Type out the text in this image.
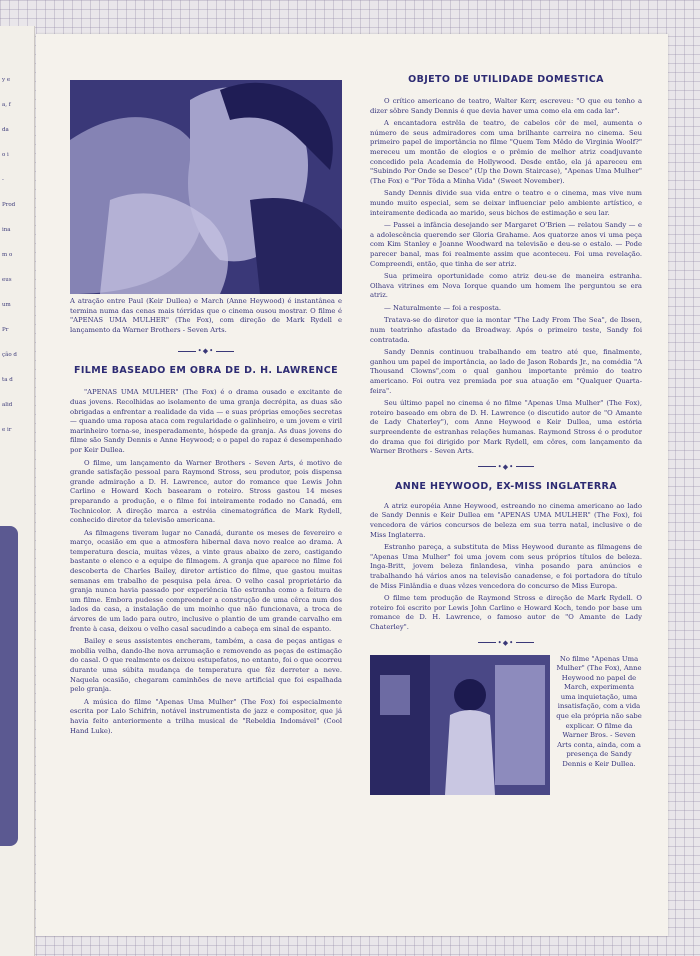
y e
a, f
da
o i
-
Prod
ina
m o
eus
um
Pr
ção d
ta d
alid
e ir

A atração entre Paul (Keir Dullea) e March (Anne Heywood) é instantânea e termina numa das cenas mais tórridas que o cinema ousou mostrar. O filme é "APENAS UMA MULHER" (The Fox), com direção de Mark Rydell e lançamento da Warner Brothers - Seven Arts.

•◆•
FILME BASEADO EM OBRA DE D. H. LAWRENCE

"APENAS UMA MULHER" (The Fox) é o drama ousado e excitante de duas jovens. Recolhidas ao isolamento de uma granja decrépita, as duas são obrigadas a enfrentar a realidade da vida — e suas próprias emoções secretas — quando uma raposa ataca com regularidade o galinheiro, e um jovem e viril marinheiro torna-se, inesperadamente, hóspede da granja. As duas jovens do filme são Sandy Dennis e Anne Heywood; e o papel do rapaz é desempenhado por Keir Dullea.

O filme, um lançamento da Warner Brothers - Seven Arts, é motivo de grande satisfação pessoal para Raymond Stross, seu produtor, pois dispensa grande admiração a D. H. Lawrence, autor do romance que Lewis John Carlino e Howard Koch basearam o roteiro. Stross gastou 14 meses preparando a produção, e o filme foi inteiramente rodado no Canadá, em Technicolor. A direção marca a estréia cinematográfica de Mark Rydell, conhecido diretor da televisão americana.

As filmagens tiveram lugar no Canadá, durante os meses de fevereiro e março, ocasião em que a atmosfera hibernal dava novo realce ao drama. A temperatura descia, muitas vêzes, a vinte graus abaixo de zero, castigando bastante o elenco e a equipe de filmagem. A granja que aparece no filme foi descoberta de Charles Bailey, diretor artístico do filme, que gastou muitas semanas em trabalho de pesquisa pela área. O velho casal proprietário da granja nunca havia passado por experiência tão estranha como a feitura de um filme. Embora pudesse compreender a construção de uma cêrca num dos lados da casa, a instalação de um moinho que não funcionava, a troca de árvores de um lado para outro, inclusive o plantio de um grande carvalho em frente à casa, deixou o velho casal sacudindo a cabeça em sinal de espanto.

Bailey e seus assistentes encheram, também, a casa de peças antigas e mobília velha, dando-lhe nova arrumação e removendo as peças de estimação do casal. O que realmente os deixou estupefatos, no entanto, foi o que ocorreu durante uma súbita mudança de temperatura que fêz derreter a neve. Naquela ocasião, chegaram caminhões de neve artificial que foi espalhada pelo granja.

A música do filme "Apenas Uma Mulher" (The Fox) foi especialmente escrita por Lalo Schifrin, notável instrumentista de jazz e compositor, que já havia feito anteriormente a trilha musical de "Rebeldia Indomável" (Cool Hand Luke).

OBJETO DE UTILIDADE DOMESTICA

O crítico americano de teatro, Walter Kerr, escreveu: "O que eu tenho a dizer sôbre Sandy Dennis é que devia haver uma como ela em cada lar".

A encantadora estrêla de teatro, de cabelos côr de mel, aumenta o número de seus admiradores com uma brilhante carreira no cinema. Seu primeiro papel de importância no filme "Quem Tem Mêdo de Virginia Woolf?" mereceu um montão de elogios e o prêmio de melhor atriz coadjuvante concedido pela Academia de Hollywood. Desde então, ela já apareceu em "Subindo Por Onde se Desce" (Up the Down Staircase), "Apenas Uma Mulher" (The Fox) e "Por Tôda a Minha Vida" (Sweet November).

Sandy Dennis divide sua vida entre o teatro e o cinema, mas vive num mundo muito especial, sem se deixar influenciar pelo ambiente artístico, e inteiramente dedicada ao marido, seus bichos de estimação e seu lar.

— Passei a infância desejando ser Margaret O'Brien — relatou Sandy — e a adolescência querendo ser Gloria Grahame. Aos quatorze anos vi uma peça com Kim Stanley e Joanne Woodward na televisão e deu-se o estalo. — Pode parecer banal, mas foi realmente assim que aconteceu. Foi uma revelação. Compreendi, então, que tinha de ser atriz.

Sua primeira oportunidade como atriz deu-se de maneira estranha. Olhava vitrines em Nova Iorque quando um homem lhe perguntou se era atriz.

— Naturalmente — foi a resposta.

Tratava-se do diretor que ia montar "The Lady From The Sea", de Ibsen, num teatrinho afastado da Broadway. Após o primeiro teste, Sandy foi contratada.

Sandy Dennis continuou trabalhando em teatro até que, finalmente, ganhou um papel de importância, ao lado de Jason Robards Jr., na comédia "A Thousand Clowns",com o qual ganhou importante prêmio do teatro americano. Foi outra vez premiada por sua atuação em "Qualquer Quarta-feira".

Seu último papel no cinema é no filme "Apenas Uma Mulher" (The Fox), roteiro baseado em obra de D. H. Lawrence (o discutido autor de "O Amante de Lady Chaterley"), com Anne Heywood e Keir Dullea, uma estória surpreendente de estranhas relações humanas. Raymond Stross é o produtor do drama que foi dirigido por Mark Rydell, em côres, com lançamento da Warner Brothers - Seven Arts.

•◆•
ANNE HEYWOOD, EX-MISS INGLATERRA

A atriz européia Anne Heywood, estreando no cinema americano ao lado de Sandy Dennis e Keir Dullea em "APENAS UMA MULHER" (The Fox), foi vencedora de vários concursos de beleza em sua terra natal, inclusive o de Miss Inglaterra.

Estranho pareça, a substituta de Miss Heywood durante as filmagens de "Apenas Uma Mulher" foi uma jovem com seus próprios títulos de beleza. Inga-Britt, jovem beleza finlandesa, vinha posando para anúncios e trabalhando há vários anos na televisão canadense, e foi portadora do título de Miss Finlândia e duas vêzes vencedora do concurso de Miss Europa.

O filme tem produção de Raymond Stross e direção de Mark Rydell. O roteiro foi escrito por Lewis John Carlino e Howard Koch, tendo por base um romance de D. H. Lawrence, o famoso autor de "O Amante de Lady Chaterley".

•◆•

No filme "Apenas Uma Mulher" (The Fox), Anne Heywood no papel de March, experimenta uma inquietação, uma insatisfação, com a vida que ela própria não sabe explicar. O filme da Warner Bros. - Seven Arts conta, ainda, com a presença de Sandy Dennis e Keir Dullea.
